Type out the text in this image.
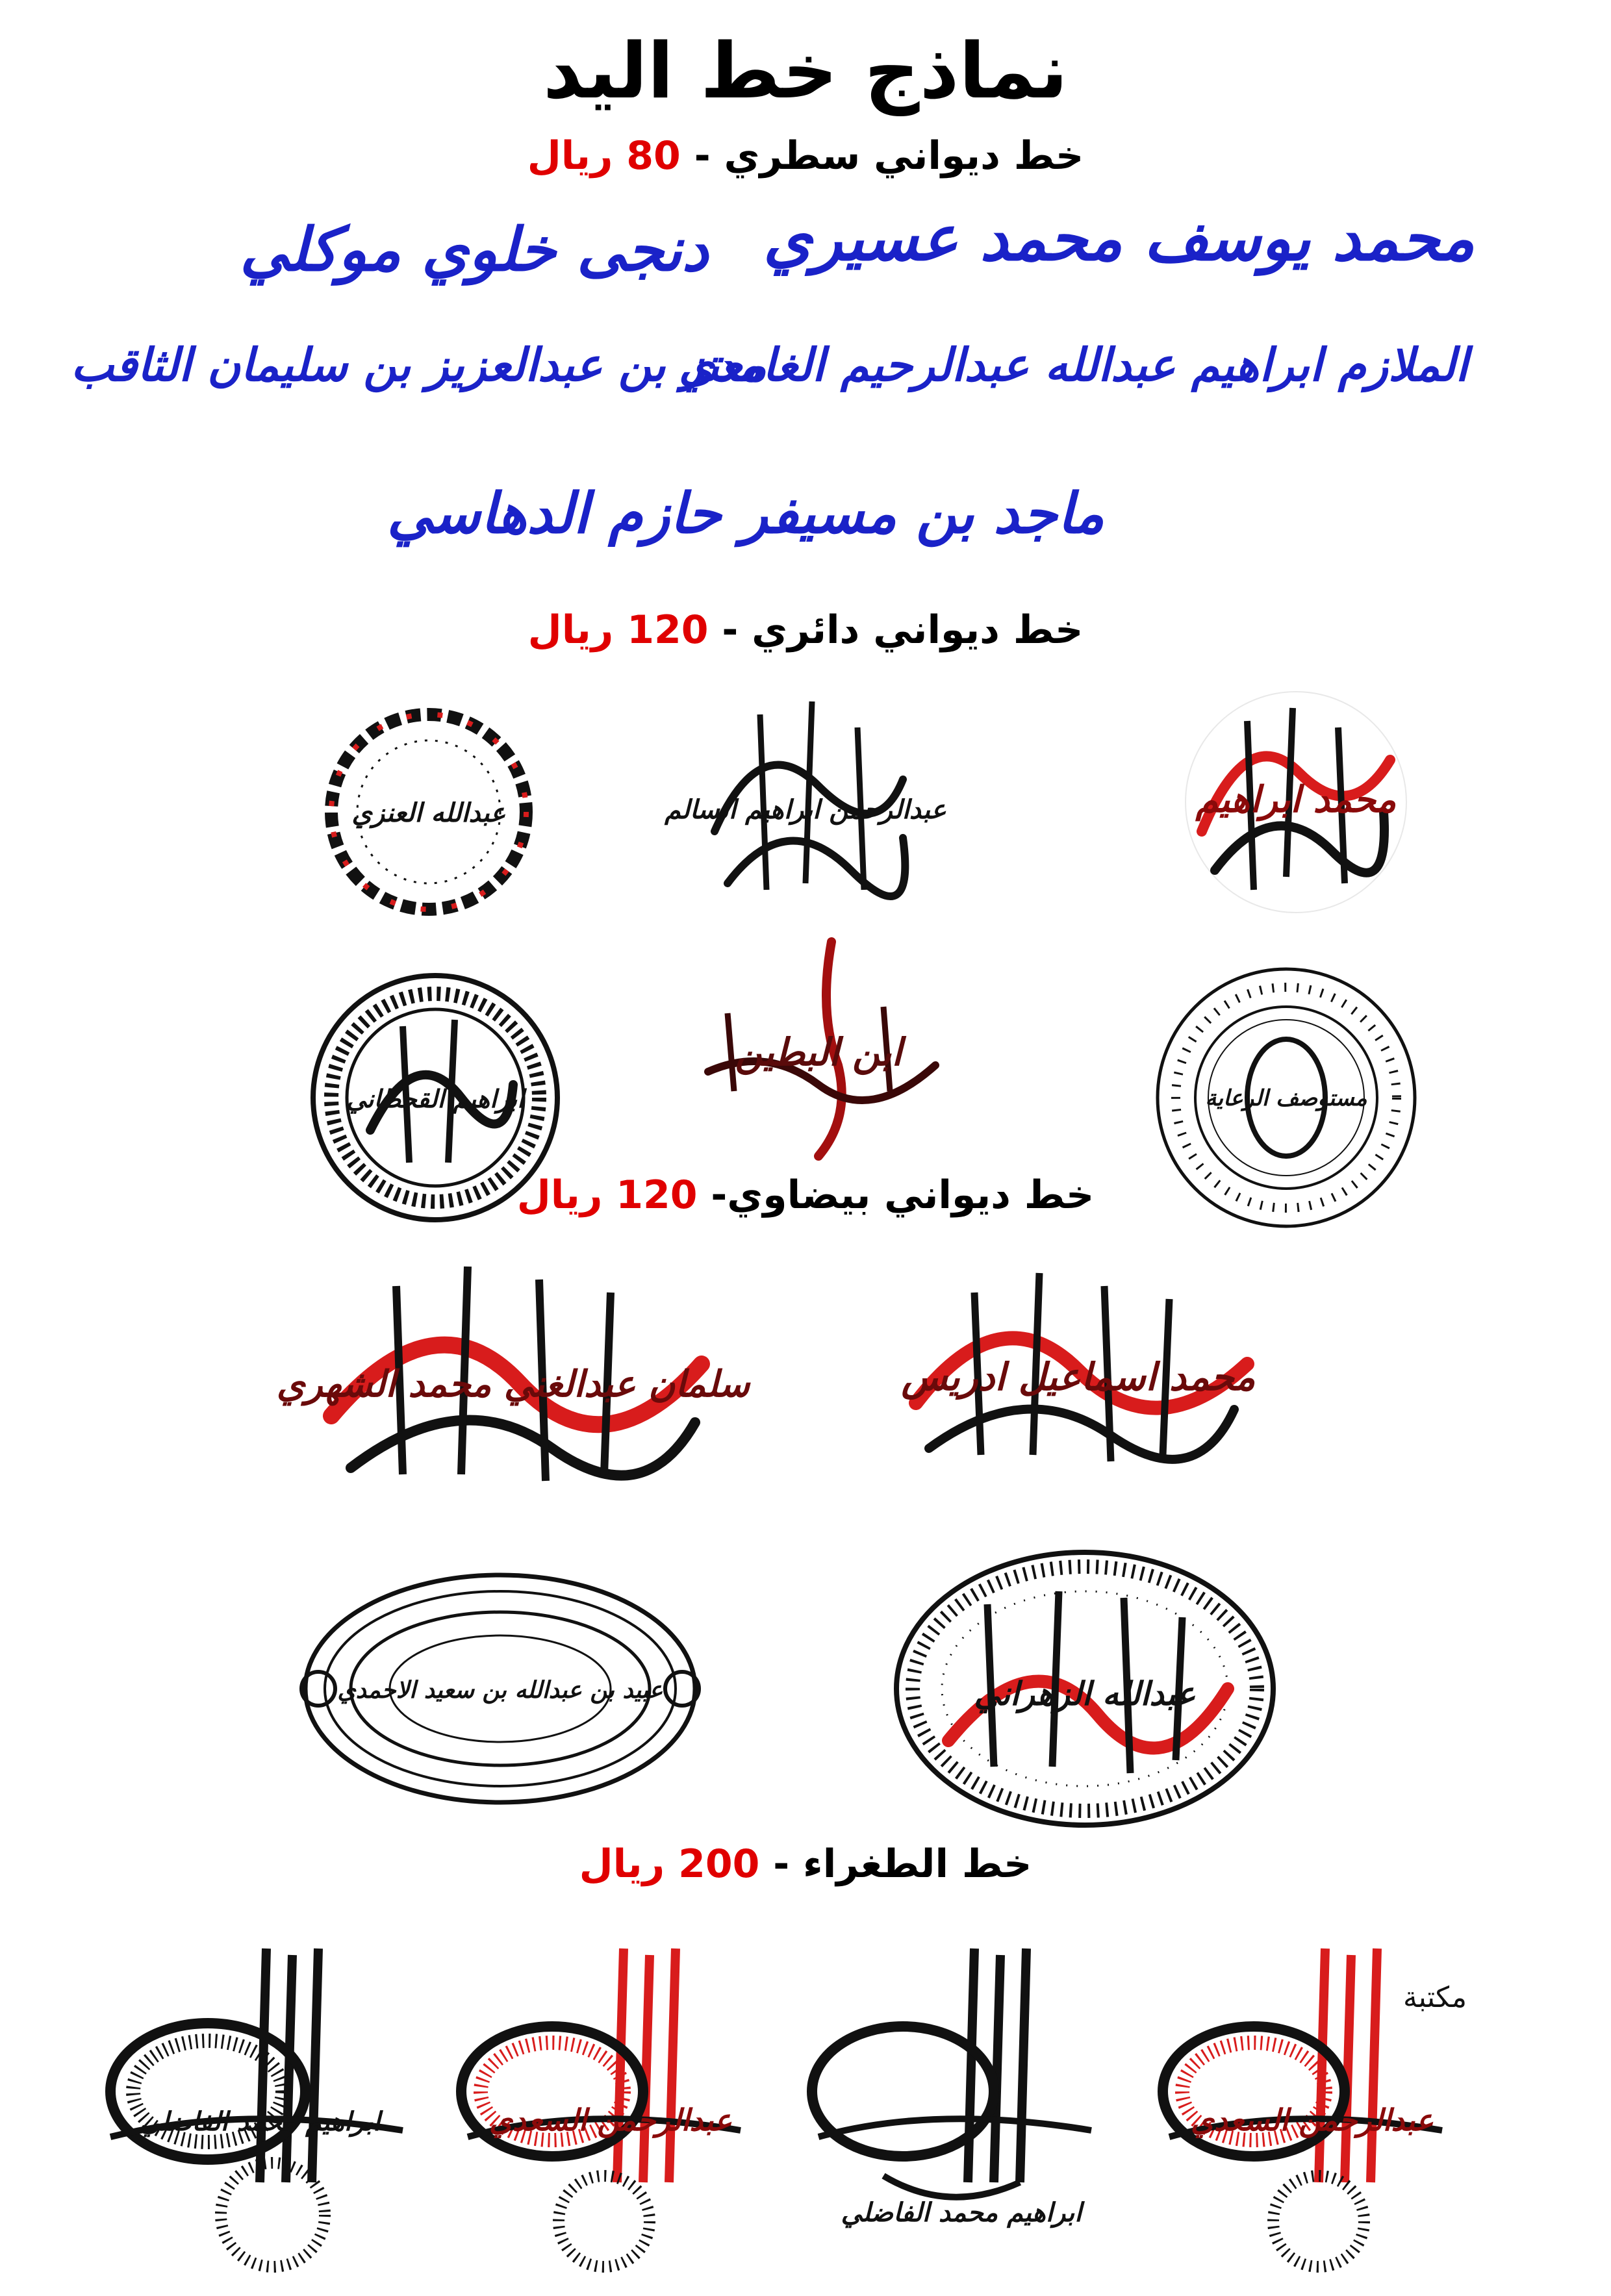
نماذج خط اليد
خط ديواني سطري - 80 ريال
محمد يوسف محمد عسيري
دنجى خلوي موكلي
الملازم ابراهيم عبدالله عبدالرحيم الغامدي
معتز بن عبدالعزيز بن سليمان الثاقب
ماجد بن مسيفر حازم الدهاسي
خط ديواني دائري - 120 ريال
محمد ابراهيم
عبدالرحمن ابراهيم السالم
عبدالله العنزي
مستوصف الرعاية
ابن البطين
ابراهيم القحطاني
خط ديواني بيضاوي- 120 ريال
محمد اسماعيل ادريس
سلمان عبدالغني محمد الشهري
عبدالله الزهراني
عبيد بن عبدالله بن سعيد الاحمدي
خط الطغراء - 200 ريال
مكتبة
عبدالرحمن السعدي
ابراهيم محمد الفاضلي
عبدالرحمن السعدي
ابراهيم محمد الفاضلي
